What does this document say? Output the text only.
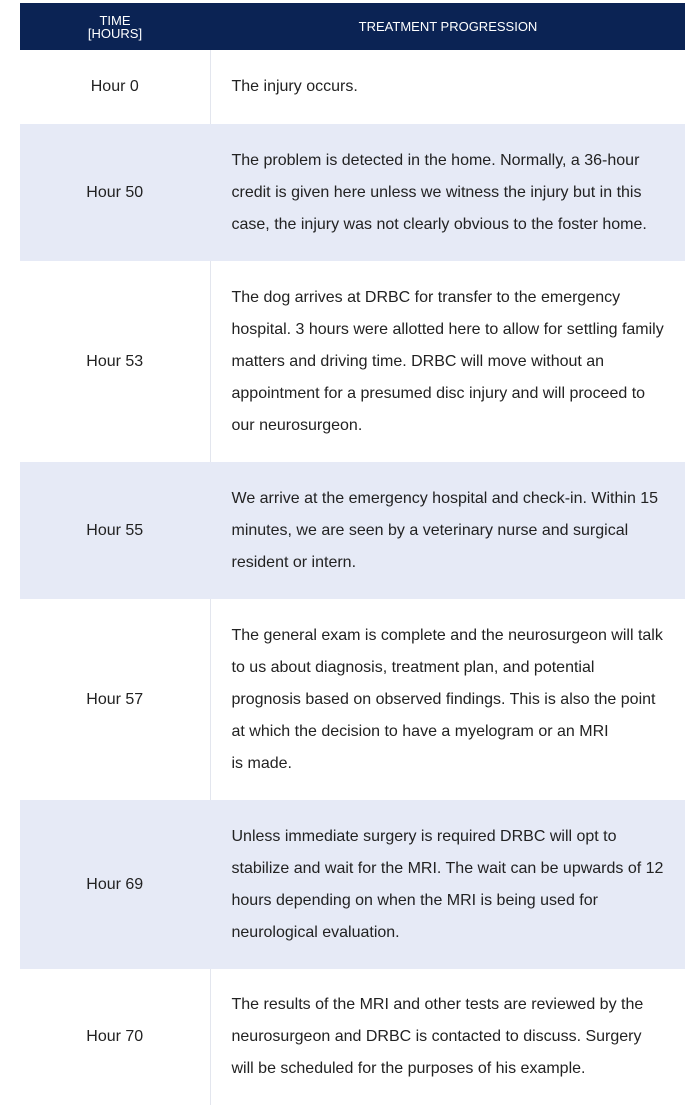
TIME
[HOURS]	TREATMENT PROGRESSION
Hour 0	The injury occurs.

Hour 50	The problem is detected in the home. Normally, a 36-hour
credit is given here unless we witness the injury but in this
case, the injury was not clearly obvious to the foster home.

Hour 53	The dog arrives at DRBC for transfer to the emergency
hospital. 3 hours were allotted here to allow for settling family
matters and driving time. DRBC will move without an
appointment for a presumed disc injury and will proceed to
our neurosurgeon.

Hour 55	We arrive at the emergency hospital and check-in. Within 15
minutes, we are seen by a veterinary nurse and surgical
resident or intern.

Hour 57	The general exam is complete and the neurosurgeon will talk
to us about diagnosis, treatment plan, and potential
prognosis based on observed findings. This is also the point
at which the decision to have a myelogram or an MRI
is made.

Hour 69	Unless immediate surgery is required DRBC will opt to
stabilize and wait for the MRI. The wait can be upwards of 12
hours depending on when the MRI is being used for
neurological evaluation.

Hour 70	The results of the MRI and other tests are reviewed by the
neurosurgeon and DRBC is contacted to discuss. Surgery
will be scheduled for the purposes of his example.
